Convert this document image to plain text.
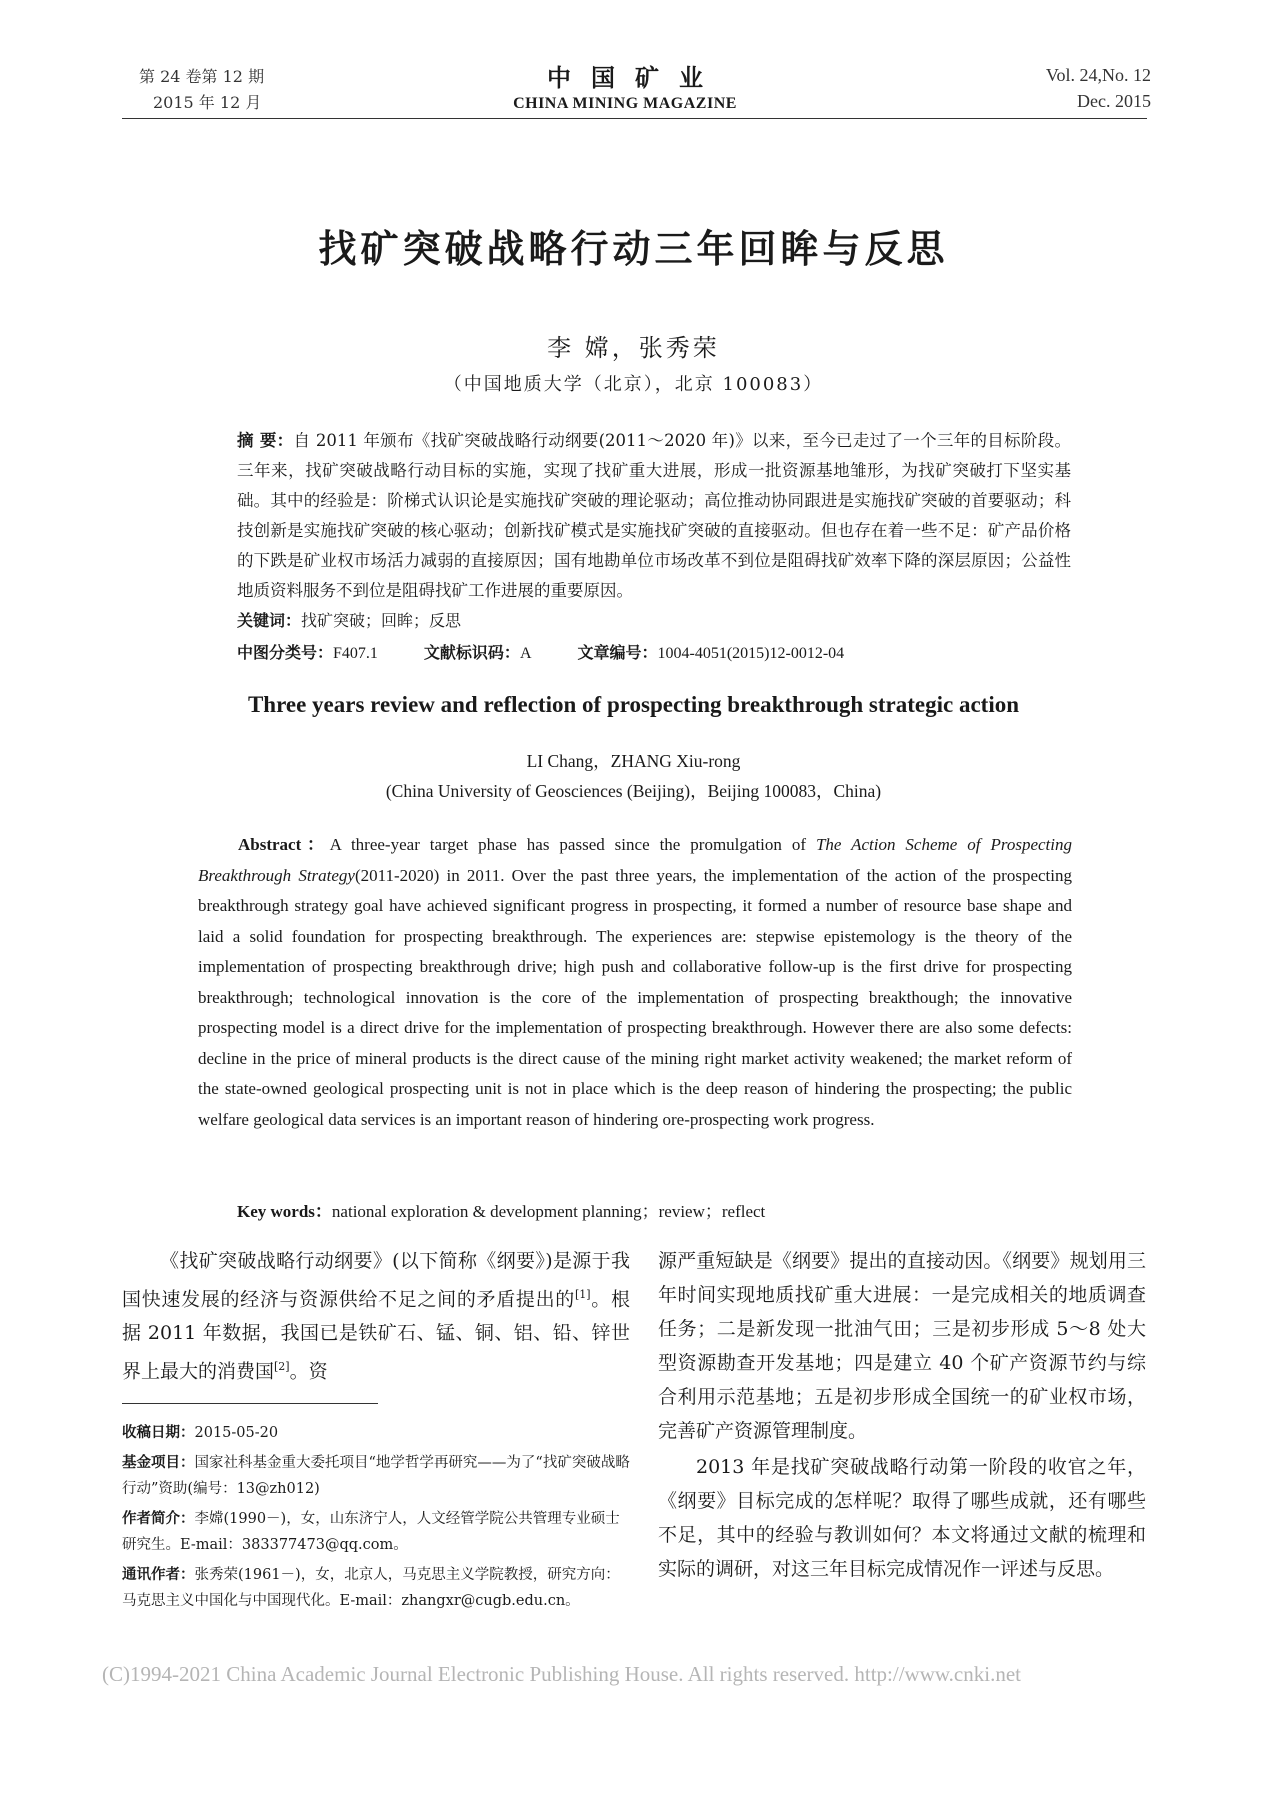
第 24 卷第 12 期
2015 年 12 月
中国矿业
CHINA MINING MAGAZINE
Vol. 24,No. 12
Dec. 2015
找矿突破战略行动三年回眸与反思
李 嫦，张秀荣
（中国地质大学（北京），北京 100083）
摘 要：自 2011 年颁布《找矿突破战略行动纲要(2011～2020 年)》以来，至今已走过了一个三年的目标阶段。三年来，找矿突破战略行动目标的实施，实现了找矿重大进展，形成一批资源基地雏形，为找矿突破打下坚实基础。其中的经验是：阶梯式认识论是实施找矿突破的理论驱动；高位推动协同跟进是实施找矿突破的首要驱动；科技创新是实施找矿突破的核心驱动；创新找矿模式是实施找矿突破的直接驱动。但也存在着一些不足：矿产品价格的下跌是矿业权市场活力减弱的直接原因；国有地勘单位市场改革不到位是阻碍找矿效率下降的深层原因；公益性地质资料服务不到位是阻碍找矿工作进展的重要原因。
关键词：找矿突破；回眸；反思
中图分类号：F407.1	文献标识码：A	文章编号：1004-4051(2015)12-0012-04
Three years review and reflection of prospecting breakthrough strategic action
LI Chang，ZHANG Xiu-rong
(China University of Geosciences (Beijing)，Beijing 100083，China)
Abstract：A three-year target phase has passed since the promulgation of The Action Scheme of Prospecting Breakthrough Strategy(2011-2020) in 2011. Over the past three years, the implementation of the action of the prospecting breakthrough strategy goal have achieved significant progress in prospecting, it formed a number of resource base shape and laid a solid foundation for prospecting breakthrough. The experiences are: stepwise epistemology is the theory of the implementation of prospecting breakthrough drive; high push and collaborative follow-up is the first drive for prospecting breakthrough; technological innovation is the core of the implementation of prospecting breakthough; the innovative prospecting model is a direct drive for the implementation of prospecting breakthrough. However there are also some defects: decline in the price of mineral products is the direct cause of the mining right market activity weakened; the market reform of the state-owned geological prospecting unit is not in place which is the deep reason of hindering the prospecting; the public welfare geological data services is an important reason of hindering ore-prospecting work progress.
Key words：national exploration & development planning；review；reflect
《找矿突破战略行动纲要》(以下简称《纲要》)是源于我国快速发展的经济与资源供给不足之间的矛盾提出的[1]。根据 2011 年数据，我国已是铁矿石、锰、铜、铝、铅、锌世界上最大的消费国[2]。资

源严重短缺是《纲要》提出的直接动因。《纲要》规划用三年时间实现地质找矿重大进展：一是完成相关的地质调查任务；二是新发现一批油气田；三是初步形成 5～8 处大型资源勘查开发基地；四是建立 40 个矿产资源节约与综合利用示范基地；五是初步形成全国统一的矿业权市场，完善矿产资源管理制度。

2013 年是找矿突破战略行动第一阶段的收官之年，《纲要》目标完成的怎样呢？取得了哪些成就，还有哪些不足，其中的经验与教训如何？本文将通过文献的梳理和实际的调研，对这三年目标完成情况作一评述与反思。

收稿日期：2015-05-20

基金项目：国家社科基金重大委托项目“地学哲学再研究——为了“找矿突破战略行动”资助(编号：13@zh012)

作者简介：李嫦(1990－)，女，山东济宁人，人文经管学院公共管理专业硕士研究生。E-mail：383377473@qq.com。

通讯作者：张秀荣(1961－)，女，北京人，马克思主义学院教授，研究方向：马克思主义中国化与中国现代化。E-mail：zhangxr@cugb.edu.cn。

(C)1994-2021 China Academic Journal Electronic Publishing House. All rights reserved. http://www.cnki.net
